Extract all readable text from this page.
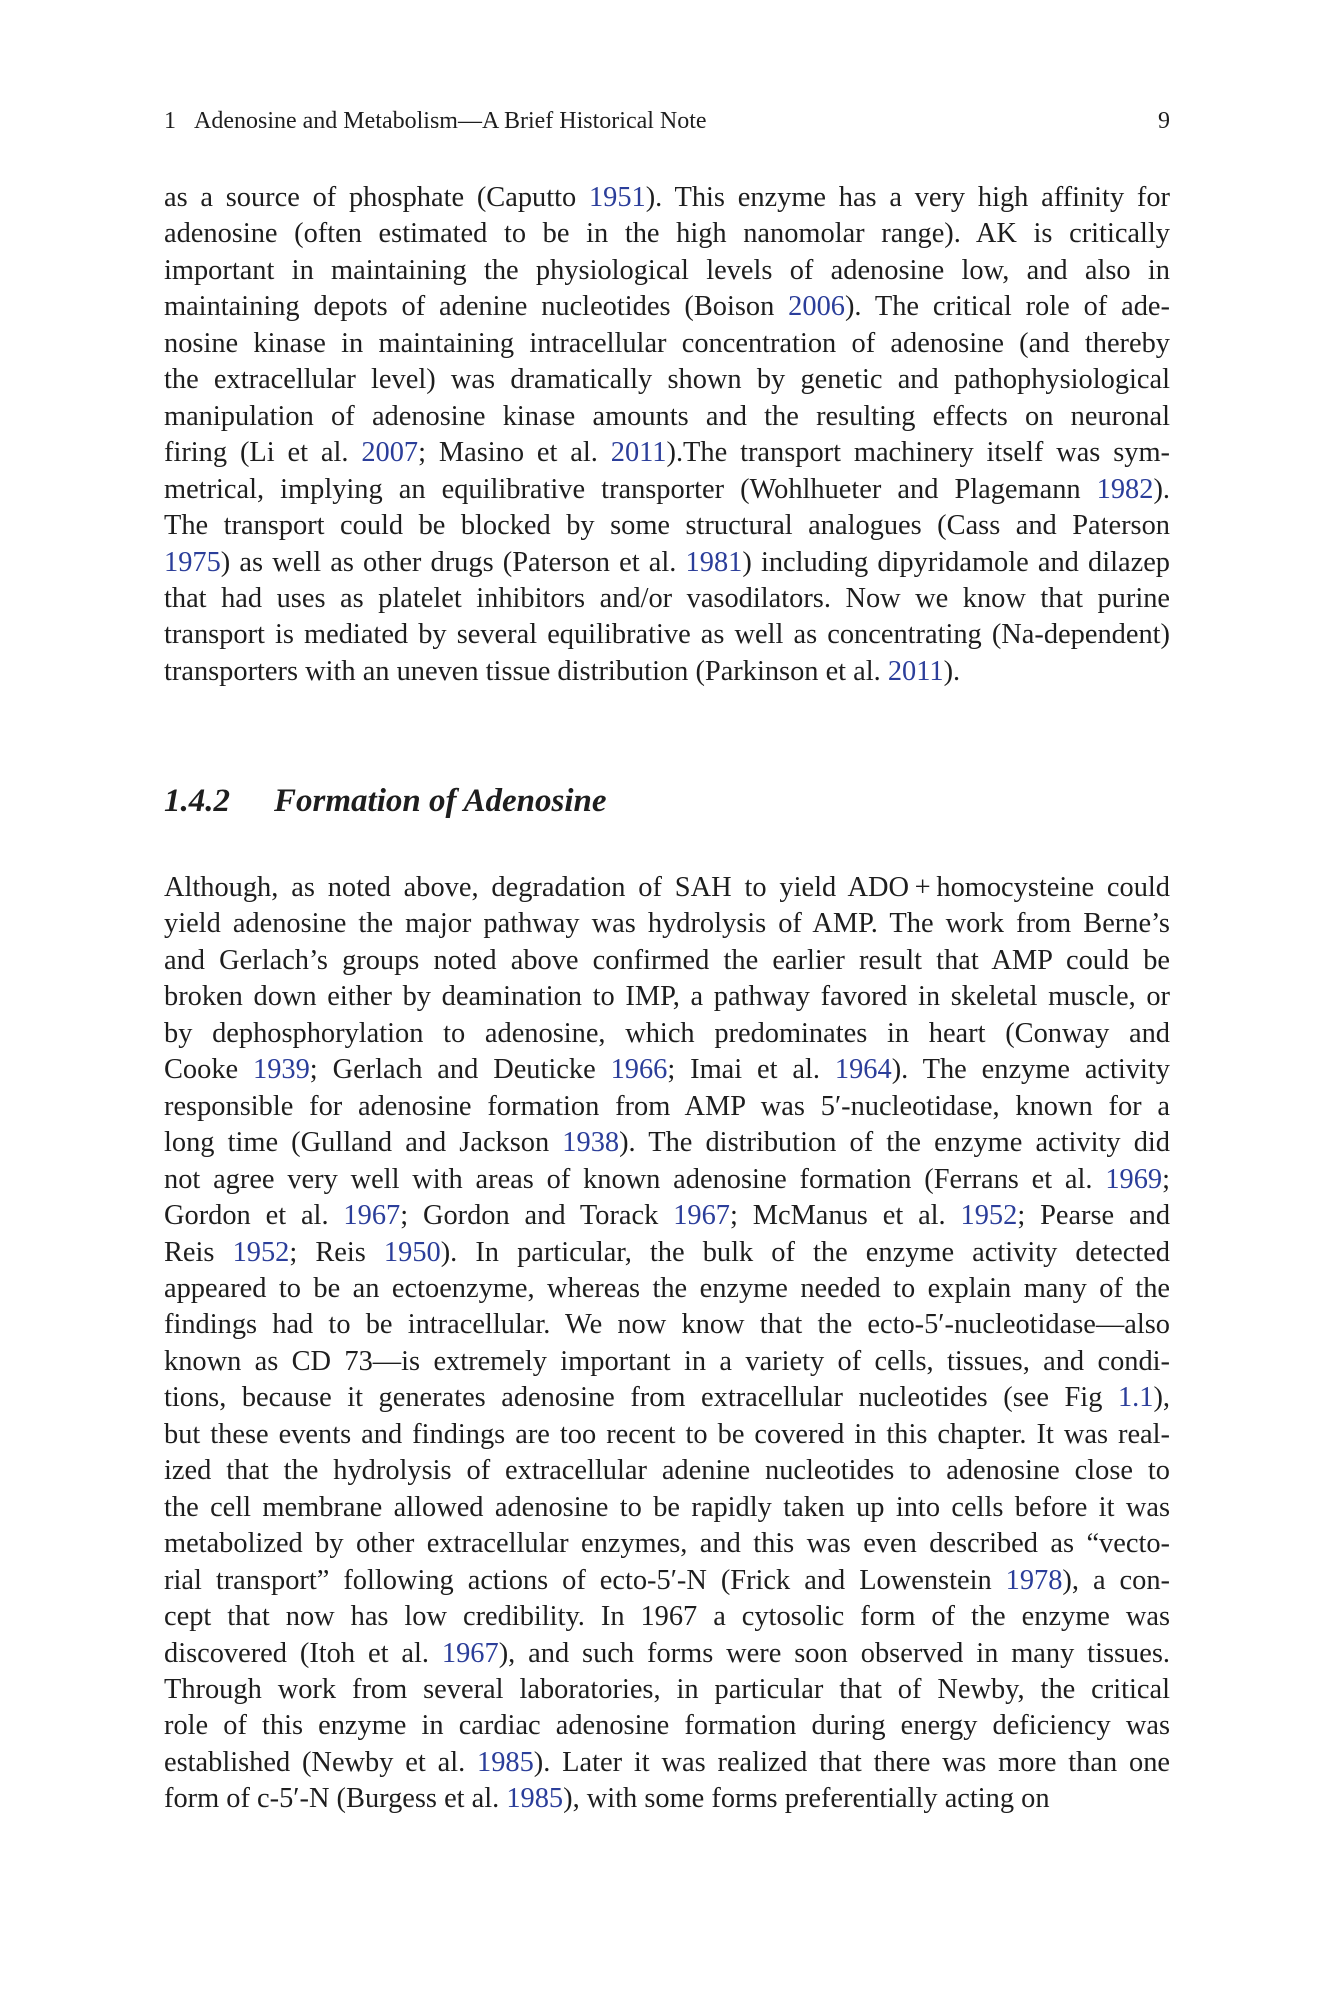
1 Adenosine and Metabolism—A Brief Historical Note	9

as a source of phosphate (Caputto 1951). This enzyme has a very high affinity for
adenosine (often estimated to be in the high nanomolar range). AK is critically
important in maintaining the physiological levels of adenosine low, and also in
maintaining depots of adenine nucleotides (Boison 2006). The critical role of ade-
nosine kinase in maintaining intracellular concentration of adenosine (and thereby
the extracellular level) was dramatically shown by genetic and pathophysiological
manipulation of adenosine kinase amounts and the resulting effects on neuronal
firing (Li et al. 2007; Masino et al. 2011).The transport machinery itself was sym-
metrical, implying an equilibrative transporter (Wohlhueter and Plagemann 1982).
The transport could be blocked by some structural analogues (Cass and Paterson
1975) as well as other drugs (Paterson et al. 1981) including dipyridamole and dilazep
that had uses as platelet inhibitors and/or vasodilators. Now we know that purine
transport is mediated by several equilibrative as well as concentrating (Na-dependent)
transporters with an uneven tissue distribution (Parkinson et al. 2011).

1.4.2 Formation of Adenosine

Although, as noted above, degradation of SAH to yield ADO + homocysteine could
yield adenosine the major pathway was hydrolysis of AMP. The work from Berne’s
and Gerlach’s groups noted above confirmed the earlier result that AMP could be
broken down either by deamination to IMP, a pathway favored in skeletal muscle, or
by dephosphorylation to adenosine, which predominates in heart (Conway and
Cooke 1939; Gerlach and Deuticke 1966; Imai et al. 1964). The enzyme activity
responsible for adenosine formation from AMP was 5′-nucleotidase, known for a
long time (Gulland and Jackson 1938). The distribution of the enzyme activity did
not agree very well with areas of known adenosine formation (Ferrans et al. 1969;
Gordon et al. 1967; Gordon and Torack 1967; McManus et al. 1952; Pearse and
Reis 1952; Reis 1950). In particular, the bulk of the enzyme activity detected
appeared to be an ectoenzyme, whereas the enzyme needed to explain many of the
findings had to be intracellular. We now know that the ecto-5′-nucleotidase—also
known as CD 73—is extremely important in a variety of cells, tissues, and condi-
tions, because it generates adenosine from extracellular nucleotides (see Fig 1.1),
but these events and findings are too recent to be covered in this chapter. It was real-
ized that the hydrolysis of extracellular adenine nucleotides to adenosine close to
the cell membrane allowed adenosine to be rapidly taken up into cells before it was
metabolized by other extracellular enzymes, and this was even described as “vecto-
rial transport” following actions of ecto-5′-N (Frick and Lowenstein 1978), a con-
cept that now has low credibility. In 1967 a cytosolic form of the enzyme was
discovered (Itoh et al. 1967), and such forms were soon observed in many tissues.
Through work from several laboratories, in particular that of Newby, the critical
role of this enzyme in cardiac adenosine formation during energy deficiency was
established (Newby et al. 1985). Later it was realized that there was more than one
form of c-5′-N (Burgess et al. 1985), with some forms preferentially acting on
